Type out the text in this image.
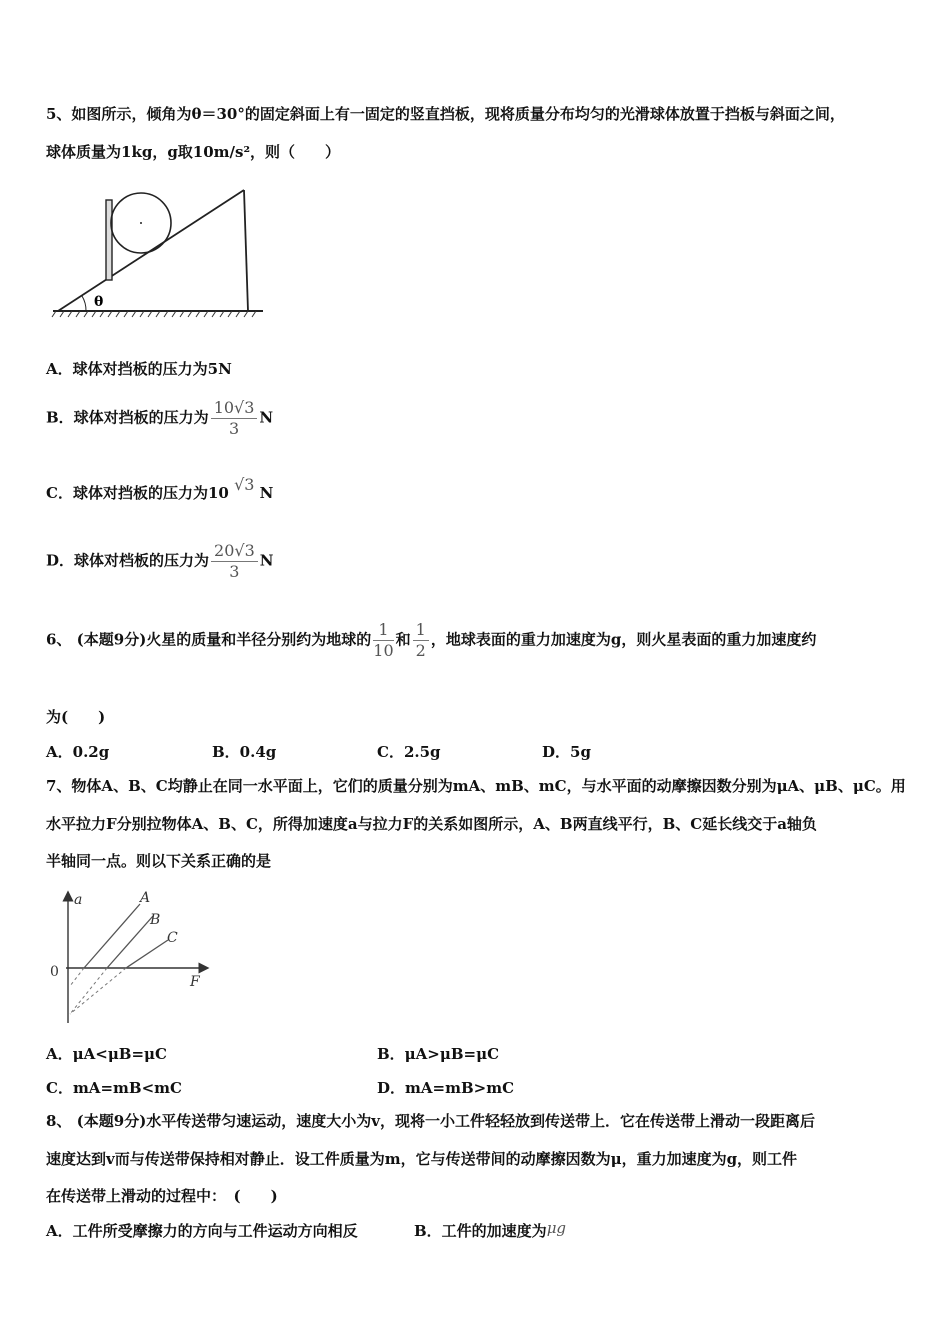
5、如图所示，倾角为θ＝30°的固定斜面上有一固定的竖直挡板，现将质量分布均匀的光滑球体放置于挡板与斜面之间，
球体质量为1kg，g取10m/s²，则（　　）
θ
A．球体对挡板的压力为5N
B．球体对挡板的压力为 $\frac{10√3}{3}$ N
C．球体对挡板的压力为10 √3 N
D．球体对档板的压力为 $\frac{20√3}{3}$ N
6、 (本题9分)火星的质量和半径分别约为地球的 $\frac{1}{10}$ 和 $\frac{1}{2}$ ，地球表面的重力加速度为g，则火星表面的重力加速度约
为(　　)
A．0.2g	B．0.4g	C．2.5g	D．5g
7、物体A、B、C均静止在同一水平面上，它们的质量分别为mA、mB、mC，与水平面的动摩擦因数分别为μA、μB、μC。用
水平拉力F分别拉物体A、B、C，所得加速度a与拉力F的关系如图所示，A、B两直线平行，B、C延长线交于a轴负
半轴同一点。则以下关系正确的是
a
F
0
A
B
C
A．μA<μB=μC	B．μA>μB=μC
C．mA=mB<mC	D．mA=mB>mC
8、 (本题9分)水平传送带匀速运动，速度大小为v，现将一小工件轻轻放到传送带上．它在传送带上滑动一段距离后
速度达到v而与传送带保持相对静止．设工件质量为m，它与传送带间的动摩擦因数为μ，重力加速度为g，则工件
在传送带上滑动的过程中：　(　　)
A．工件所受摩擦力的方向与工件运动方向相反	B．工件的加速度为μg
